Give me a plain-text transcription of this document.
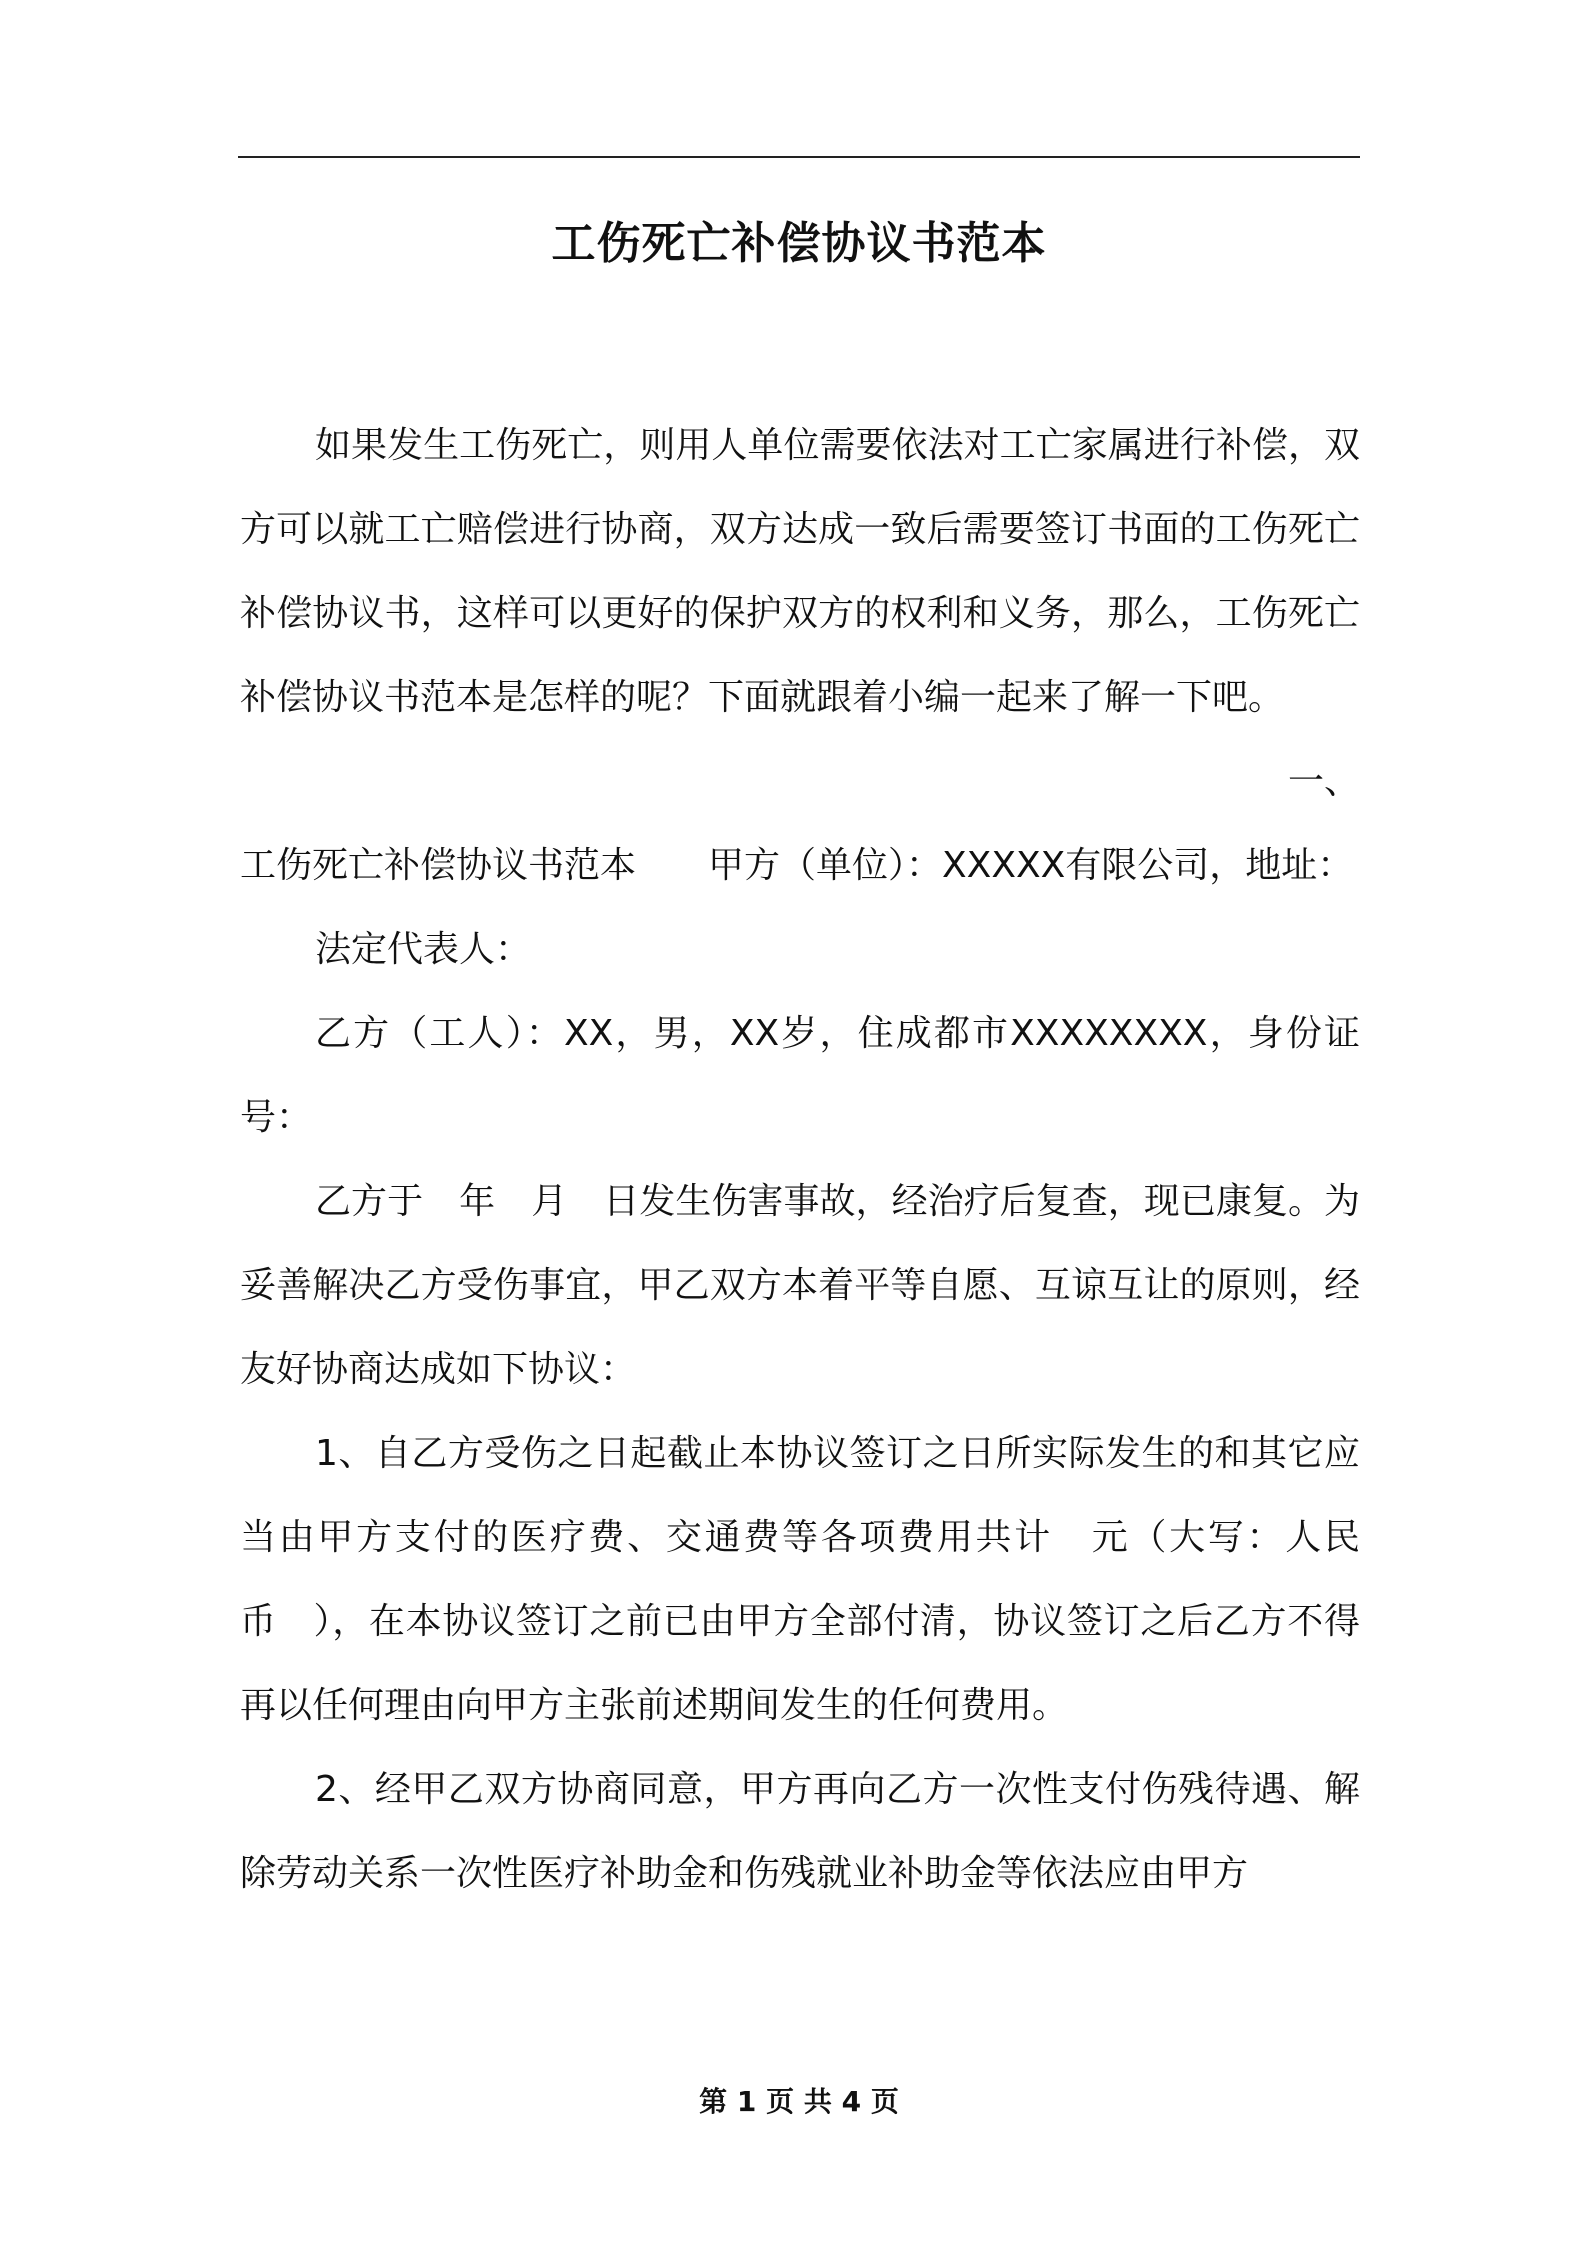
工伤死亡补偿协议书范本

如果发生工伤死亡，则用人单位需要依法对工亡家属进行补偿，双方可以就工亡赔偿进行协商，双方达成一致后需要签订书面的工伤死亡补偿协议书，这样可以更好的保护双方的权利和义务，那么，工伤死亡补偿协议书范本是怎样的呢？下面就跟着小编一起来了解一下吧。

一、

工伤死亡补偿协议书范本　　甲方（单位）：XXXXX有限公司，地址：

法定代表人：

乙方（工人）：XX，男，XX岁，住成都市XXXXXXXX，身份证号：

乙方于　年　月　日发生伤害事故，经治疗后复查，现已康复。为妥善解决乙方受伤事宜，甲乙双方本着平等自愿、互谅互让的原则，经友好协商达成如下协议：

1、自乙方受伤之日起截止本协议签订之日所实际发生的和其它应当由甲方支付的医疗费、交通费等各项费用共计　元（大写：人民币　），在本协议签订之前已由甲方全部付清，协议签订之后乙方不得再以任何理由向甲方主张前述期间发生的任何费用。

2、经甲乙双方协商同意，甲方再向乙方一次性支付伤残待遇、解除劳动关系一次性医疗补助金和伤残就业补助金等依法应由甲方

第 1 页 共 4 页
